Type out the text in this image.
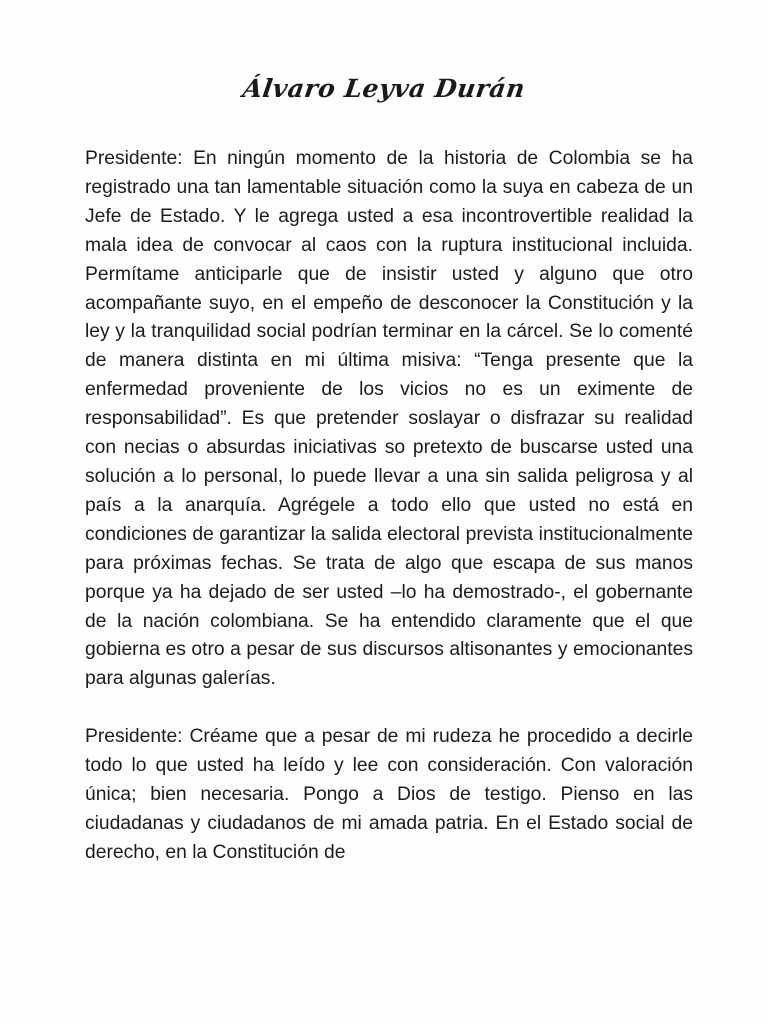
Álvaro Leyva Durán

Presidente: En ningún momento de la historia de Colombia se ha registrado una tan lamentable situación como la suya en cabeza de un Jefe de Estado. Y le agrega usted a esa incontrovertible realidad la mala idea de convocar al caos con la ruptura institucional incluida. Permítame anticiparle que de insistir usted y alguno que otro acompañante suyo, en el empeño de desconocer la Constitución y la ley y la tranquilidad social podrían terminar en la cárcel. Se lo comenté de manera distinta en mi última misiva: “Tenga presente que la enfermedad proveniente de los vicios no es un eximente de responsabilidad”. Es que pretender soslayar o disfrazar su realidad con necias o absurdas iniciativas so pretexto de buscarse usted una solución a lo personal, lo puede llevar a una sin salida peligrosa y al país a la anarquía. Agrégele a todo ello que usted no está en condiciones de garantizar la salida electoral prevista institucionalmente para próximas fechas. Se trata de algo que escapa de sus manos porque ya ha dejado de ser usted –lo ha demostrado-, el gobernante de la nación colombiana. Se ha entendido claramente que el que gobierna es otro a pesar de sus discursos altisonantes y emocionantes para algunas galerías.

Presidente: Créame que a pesar de mi rudeza he procedido a decirle todo lo que usted ha leído y lee con consideración. Con valoración única; bien necesaria. Pongo a Dios de testigo. Pienso en las ciudadanas y ciudadanos de mi amada patria. En el Estado social de derecho, en la Constitución de
